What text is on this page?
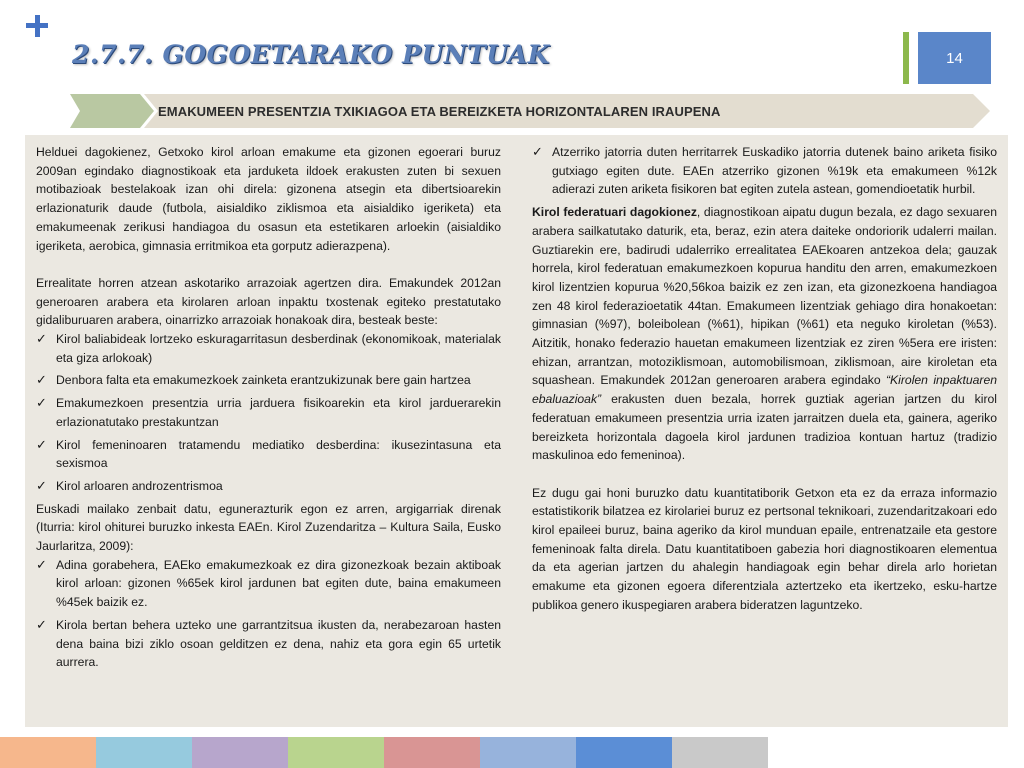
2.7.7. GOGOETARAKO PUNTUAK	14
EMAKUMEEN PRESENTZIA TXIKIAGOA ETA BEREIZKETA HORIZONTALAREN IRAUPENA

Helduei dagokienez, Getxoko kirol arloan emakume eta gizonen egoerari buruz 2009an egindako diagnostikoak eta jarduketa ildoek erakusten zuten bi sexuen motibazioak bestelakoak izan ohi direla: gizonena atsegin eta dibertsioarekin erlazionaturik daude (futbola, aisialdiko ziklismoa eta aisialdiko igeriketa) eta emakumeenak zerikusi handiagoa du osasun eta estetikaren arloekin (aisialdiko igeriketa, aerobica, gimnasia erritmikoa eta gorputz adierazpena).

Errealitate horren atzean askotariko arrazoiak agertzen dira. Emakundek 2012an generoaren arabera eta kirolaren arloan inpaktu txostenak egiteko prestatutako gidaliburuaren arabera, oinarrizko arrazoiak honakoak dira, besteak beste:

✓ Kirol baliabideak lortzeko eskuragarritasun desberdinak (ekonomikoak, materialak eta giza arlokoak)
✓ Denbora falta eta emakumezkoek zainketa erantzukizunak bere gain hartzea
✓ Emakumezkoen presentzia urria jarduera fisikoarekin eta kirol jarduerarekin erlazionatutako prestakuntzan
✓ Kirol femeninoaren tratamendu mediatiko desberdina: ikusezintasuna eta sexismoa
✓ Kirol arloaren androzentrismoa

Euskadi mailako zenbait datu, egunerazturik egon ez arren, argigarriak direnak (Iturria: kirol ohiturei buruzko inkesta EAEn. Kirol Zuzendaritza – Kultura Saila, Eusko Jaurlaritza, 2009):

✓ Adina gorabehera, EAEko emakumezkoak ez dira gizonezkoak bezain aktiboak kirol arloan: gizonen %65ek kirol jardunen bat egiten dute, baina emakumeen %45ek baizik ez.
✓ Kirola bertan behera uzteko une garrantzitsua ikusten da, nerabezaroan hasten dena baina bizi ziklo osoan gelditzen ez dena, nahiz eta gora egin 65 urtetik aurrera.
✓ Atzerriko jatorria duten herritarrek Euskadiko jatorria dutenek baino ariketa fisiko gutxiago egiten dute. EAEn atzerriko gizonen %19k eta emakumeen %12k adierazi zuten ariketa fisikoren bat egiten zutela astean, gomendioetatik hurbil.

Kirol federatuari dagokionez, diagnostikoan aipatu dugun bezala, ez dago sexuaren arabera sailkatutako daturik, eta, beraz, ezin atera daiteke ondoriorik udalerri mailan. Guztiarekin ere, badirudi udalerriko errealitatea EAEkoaren antzekoa dela; gauzak horrela, kirol federatuan emakumezkoen kopurua handitu den arren, emakumezkoen kirol lizentzien kopurua %20,56koa baizik ez zen izan, eta gizonezkoena handiagoa zen 48 kirol federazioetatik 44tan. Emakumeen lizentziak gehiago dira honakoetan: gimnasian (%97), boleibolean (%61), hipikan (%61) eta neguko kiroletan (%53). Aitzitik, honako federazio hauetan emakumeen lizentziak ez ziren %5era ere iristen: ehizan, arrantzan, motoziklismoan, automobilismoan, ziklismoan, aire kiroletan eta squashean. Emakundek 2012an generoaren arabera egindako “Kirolen inpaktuaren ebaluazioak” erakusten duen bezala, horrek guztiak agerian jartzen du kirol federatuan emakumeen presentzia urria izaten jarraitzen duela eta, gainera, ageriko bereizketa horizontala dagoela kirol jardunen tradizioa kontuan hartuz (tradizio maskulinoa edo femeninoa).

Ez dugu gai honi buruzko datu kuantitatiborik Getxon eta ez da erraza informazio estatistikorik bilatzea ez kirolariei buruz ez pertsonal teknikoari, zuzendaritzakoari edo kirol epaileei buruz, baina ageriko da kirol munduan epaile, entrenatzaile eta gestore femeninoak falta direla. Datu kuantitatiboen gabezia hori diagnostikoaren elementua da eta agerian jartzen du ahalegin handiagoak egin behar direla arlo horietan emakume eta gizonen egoera diferentziala aztertzeko eta ikertzeko, esku-hartze publikoa genero ikuspegiaren arabera bideratzen laguntzeko.
